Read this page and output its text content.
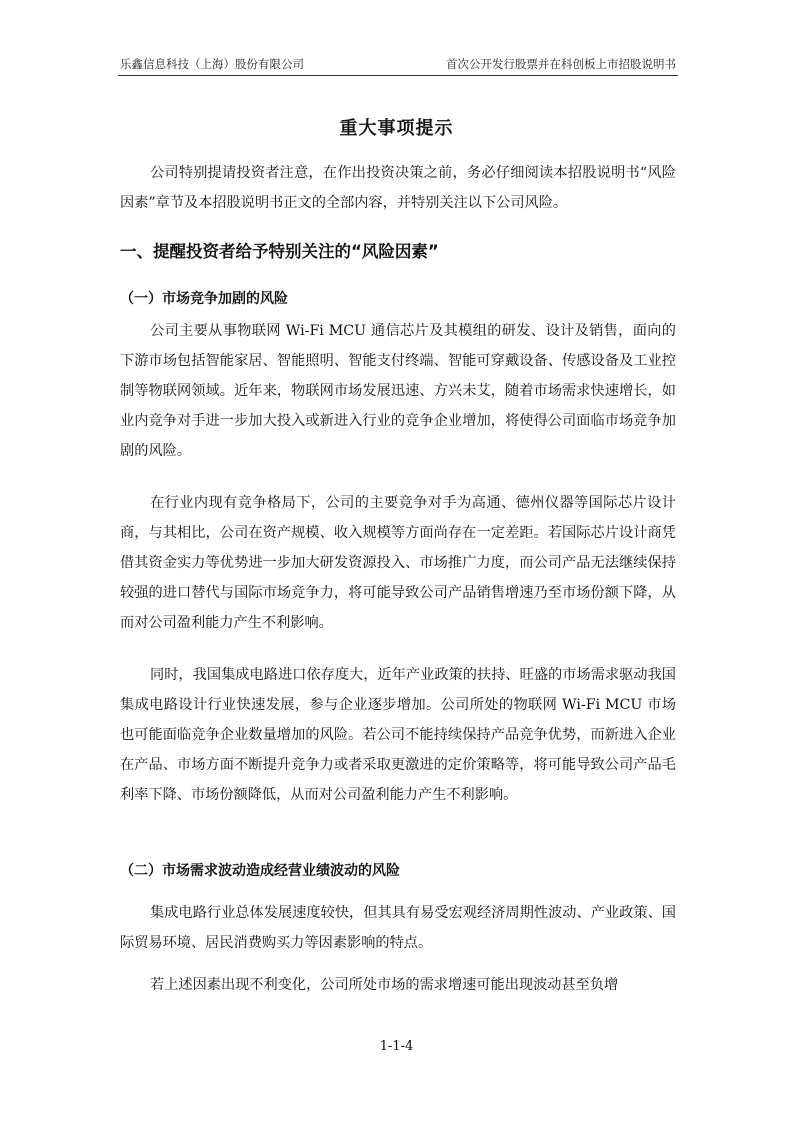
乐鑫信息科技（上海）股份有限公司	首次公开发行股票并在科创板上市招股说明书
重大事项提示

公司特别提请投资者注意，在作出投资决策之前，务必仔细阅读本招股说明书“风险因素”章节及本招股说明书正文的全部内容，并特别关注以下公司风险。

一、提醒投资者给予特别关注的“风险因素”
（一）市场竞争加剧的风险

公司主要从事物联网 Wi-Fi MCU 通信芯片及其模组的研发、设计及销售，面向的下游市场包括智能家居、智能照明、智能支付终端、智能可穿戴设备、传感设备及工业控制等物联网领域。近年来，物联网市场发展迅速、方兴未艾，随着市场需求快速增长，如业内竞争对手进一步加大投入或新进入行业的竞争企业增加，将使得公司面临市场竞争加剧的风险。

在行业内现有竞争格局下，公司的主要竞争对手为高通、德州仪器等国际芯片设计商，与其相比，公司在资产规模、收入规模等方面尚存在一定差距。若国际芯片设计商凭借其资金实力等优势进一步加大研发资源投入、市场推广力度，而公司产品无法继续保持较强的进口替代与国际市场竞争力，将可能导致公司产品销售增速乃至市场份额下降，从而对公司盈利能力产生不利影响。

同时，我国集成电路进口依存度大，近年产业政策的扶持、旺盛的市场需求驱动我国集成电路设计行业快速发展，参与企业逐步增加。公司所处的物联网 Wi-Fi MCU 市场也可能面临竞争企业数量增加的风险。若公司不能持续保持产品竞争优势，而新进入企业在产品、市场方面不断提升竞争力或者采取更激进的定价策略等，将可能导致公司产品毛利率下降、市场份额降低，从而对公司盈利能力产生不利影响。

（二）市场需求波动造成经营业绩波动的风险

集成电路行业总体发展速度较快，但其具有易受宏观经济周期性波动、产业政策、国际贸易环境、居民消费购买力等因素影响的特点。

若上述因素出现不利变化，公司所处市场的需求增速可能出现波动甚至负增

1-1-4
